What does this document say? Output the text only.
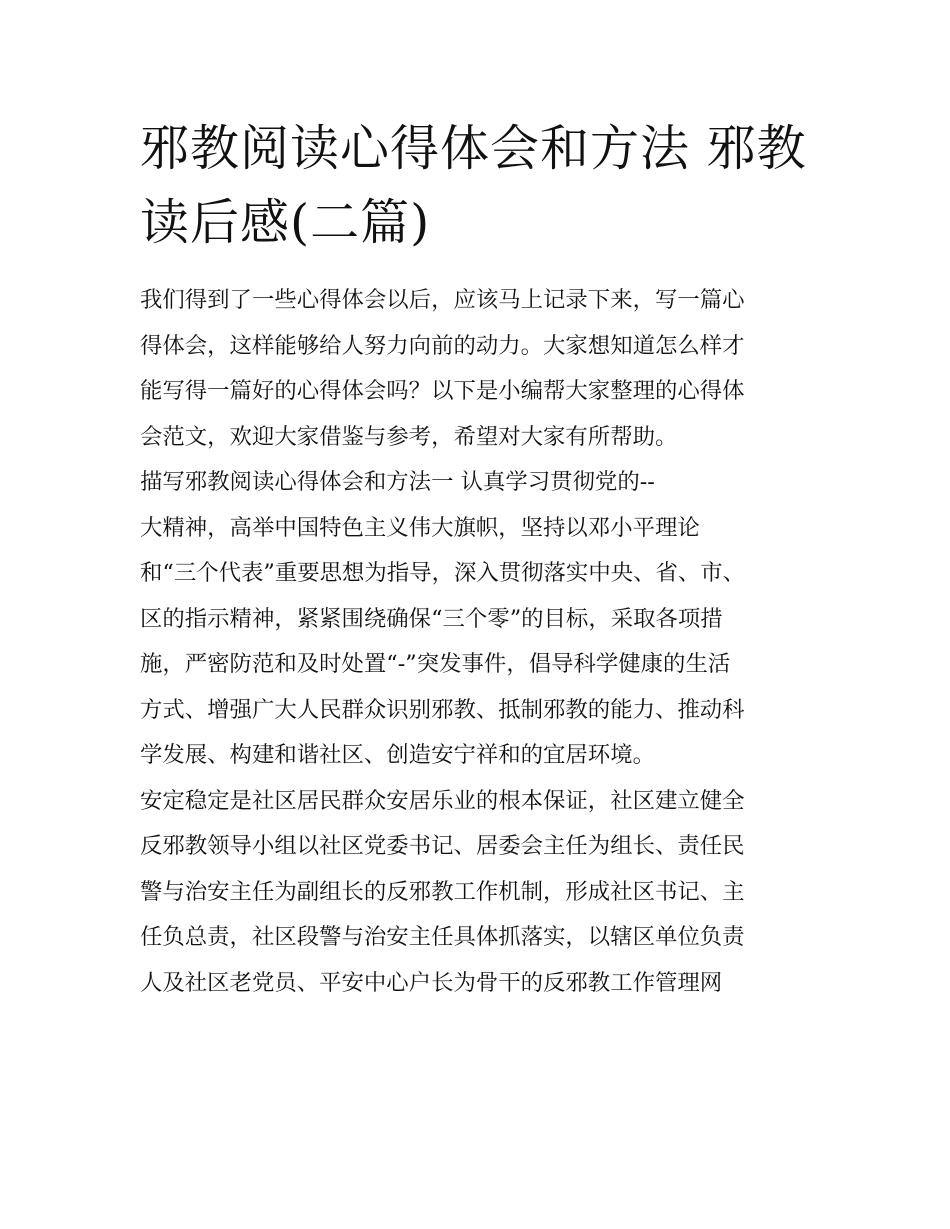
邪教阅读心得体会和方法 邪教
读后感(二篇)
我们得到了一些心得体会以后，应该马上记录下来，写一篇心
得体会，这样能够给人努力向前的动力。大家想知道怎么样才
能写得一篇好的心得体会吗？以下是小编帮大家整理的心得体
会范文，欢迎大家借鉴与参考，希望对大家有所帮助。
描写邪教阅读心得体会和方法一 认真学习贯彻党的--
大精神，高举中国特色主义伟大旗帜，坚持以邓小平理论
和“三个代表”重要思想为指导，深入贯彻落实中央、省、市、
区的指示精神，紧紧围绕确保“三个零”的目标，采取各项措
施，严密防范和及时处置“-”突发事件，倡导科学健康的生活
方式、增强广大人民群众识别邪教、抵制邪教的能力、推动科
学发展、构建和谐社区、创造安宁祥和的宜居环境。
安定稳定是社区居民群众安居乐业的根本保证，社区建立健全
反邪教领导小组以社区党委书记、居委会主任为组长、责任民
警与治安主任为副组长的反邪教工作机制，形成社区书记、主
任负总责，社区段警与治安主任具体抓落实，以辖区单位负责
人及社区老党员、平安中心户长为骨干的反邪教工作管理网
